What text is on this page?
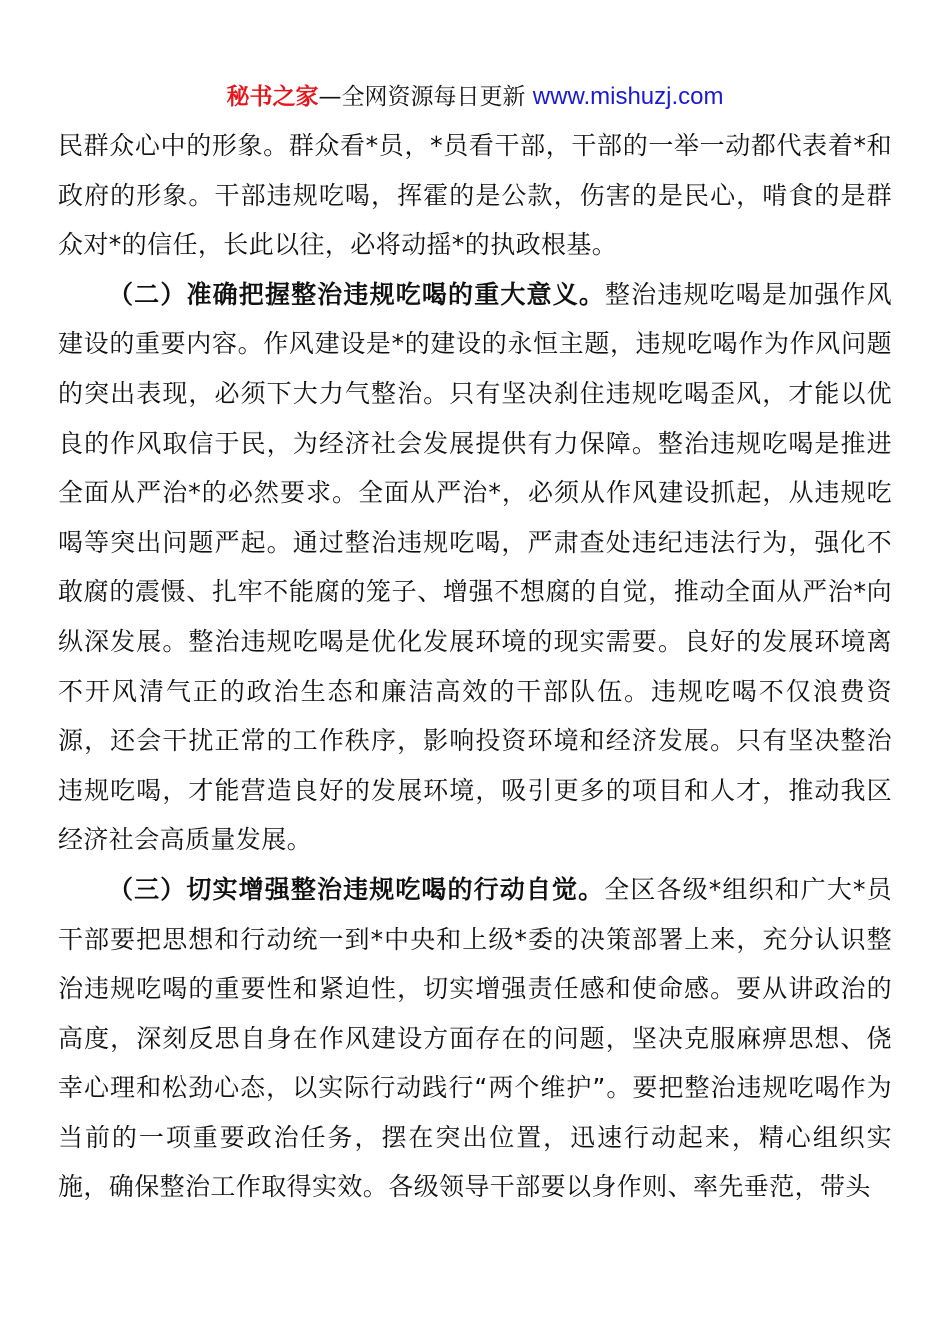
秘书之家—全网资源每日更新 www.mishuzj.com

民群众心中的形象。群众看*员，*员看干部，干部的一举一动都代表着*和政府的形象。干部违规吃喝，挥霍的是公款，伤害的是民心，啃食的是群众对*的信任，长此以往，必将动摇*的执政根基。

（二）准确把握整治违规吃喝的重大意义。整治违规吃喝是加强作风建设的重要内容。作风建设是*的建设的永恒主题，违规吃喝作为作风问题的突出表现，必须下大力气整治。只有坚决刹住违规吃喝歪风，才能以优良的作风取信于民，为经济社会发展提供有力保障。整治违规吃喝是推进全面从严治*的必然要求。全面从严治*，必须从作风建设抓起，从违规吃喝等突出问题严起。通过整治违规吃喝，严肃查处违纪违法行为，强化不敢腐的震慑、扎牢不能腐的笼子、增强不想腐的自觉，推动全面从严治*向纵深发展。整治违规吃喝是优化发展环境的现实需要。良好的发展环境离不开风清气正的政治生态和廉洁高效的干部队伍。违规吃喝不仅浪费资源，还会干扰正常的工作秩序，影响投资环境和经济发展。只有坚决整治违规吃喝，才能营造良好的发展环境，吸引更多的项目和人才，推动我区经济社会高质量发展。

（三）切实增强整治违规吃喝的行动自觉。全区各级*组织和广大*员干部要把思想和行动统一到*中央和上级*委的决策部署上来，充分认识整治违规吃喝的重要性和紧迫性，切实增强责任感和使命感。要从讲政治的高度，深刻反思自身在作风建设方面存在的问题，坚决克服麻痹思想、侥幸心理和松劲心态，以实际行动践行“两个维护”。要把整治违规吃喝作为当前的一项重要政治任务，摆在突出位置，迅速行动起来，精心组织实施，确保整治工作取得实效。各级领导干部要以身作则、率先垂范，带头
